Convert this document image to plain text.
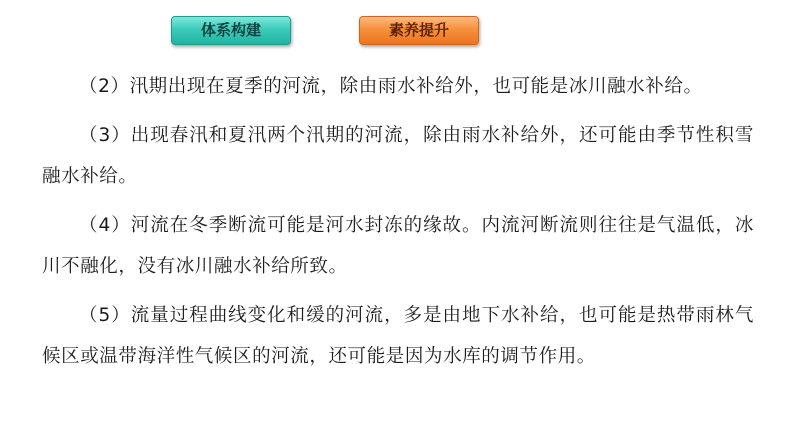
体系构建	素养提升

（2）汛期出现在夏季的河流，除由雨水补给外，也可能是冰川融水补给。

（3）出现春汛和夏汛两个汛期的河流，除由雨水补给外，还可能由季节性积雪融水补给。

（4）河流在冬季断流可能是河水封冻的缘故。内流河断流则往往是气温低，冰川不融化，没有冰川融水补给所致。

（5）流量过程曲线变化和缓的河流，多是由地下水补给，也可能是热带雨林气候区或温带海洋性气候区的河流，还可能是因为水库的调节作用。
